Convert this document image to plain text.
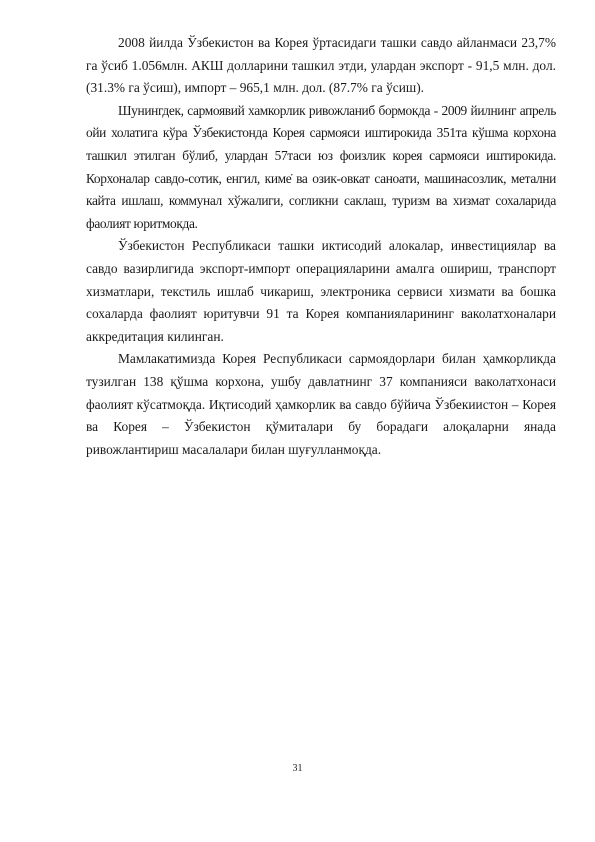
2008 йилда Ўзбекистон ва Корея ўртасидаги ташки савдо айланмаси 23,7% га ўсиб 1.056млн. АКШ долларини ташкил этди, улардан экспорт - 91,5 млн. дол. (31.3% га ўсиш), импорт – 965,1 млн. дол. (87.7% га ўсиш).

Шунингдек, сармоявий хамкорлик ривожланиб бормокда - 2009 йилнинг апрель ойи холатига кўра Ўзбекистонда Корея сармояси иштирокида 351та кўшма корхона ташкил этилган бўлиб, улардан 57таси юз фоизлик корея сармояси иштирокида. Корхоналар савдо-сотик, енгил, киме̇ ва озик-овкат саноати, машинасозлик, метални кайта ишлаш, коммунал хўжалиги, согликни саклаш, туризм ва хизмат сохаларида фаолият юритмокда.

Ўзбекистон Республикаси ташки иктисодий алокалар, инвестициялар ва савдо вазирлигида экспорт-импорт операцияларини амалга ошириш, транспорт хизматлари, текстиль ишлаб чикариш, электроника сервиси хизмати ва бошка сохаларда фаолият юритувчи 91 та Корея компанияларининг ваколатхоналари аккредитация килинган.

Мамлакатимизда Корея Республикаси сармоядорлари билан ҳамкорликда тузилган 138 қўшма корхона, ушбу давлатнинг 37 компанияси ваколатхонаси фаолият кўсатмоқда. Иқтисодий ҳамкорлик ва савдо бўйича Ўзбекиистон – Корея ва Корея – Ўзбекистон қўмиталари бу борадаги алоқаларни янада ривожлантириш масалалари билан шуғулланмоқда.

31
